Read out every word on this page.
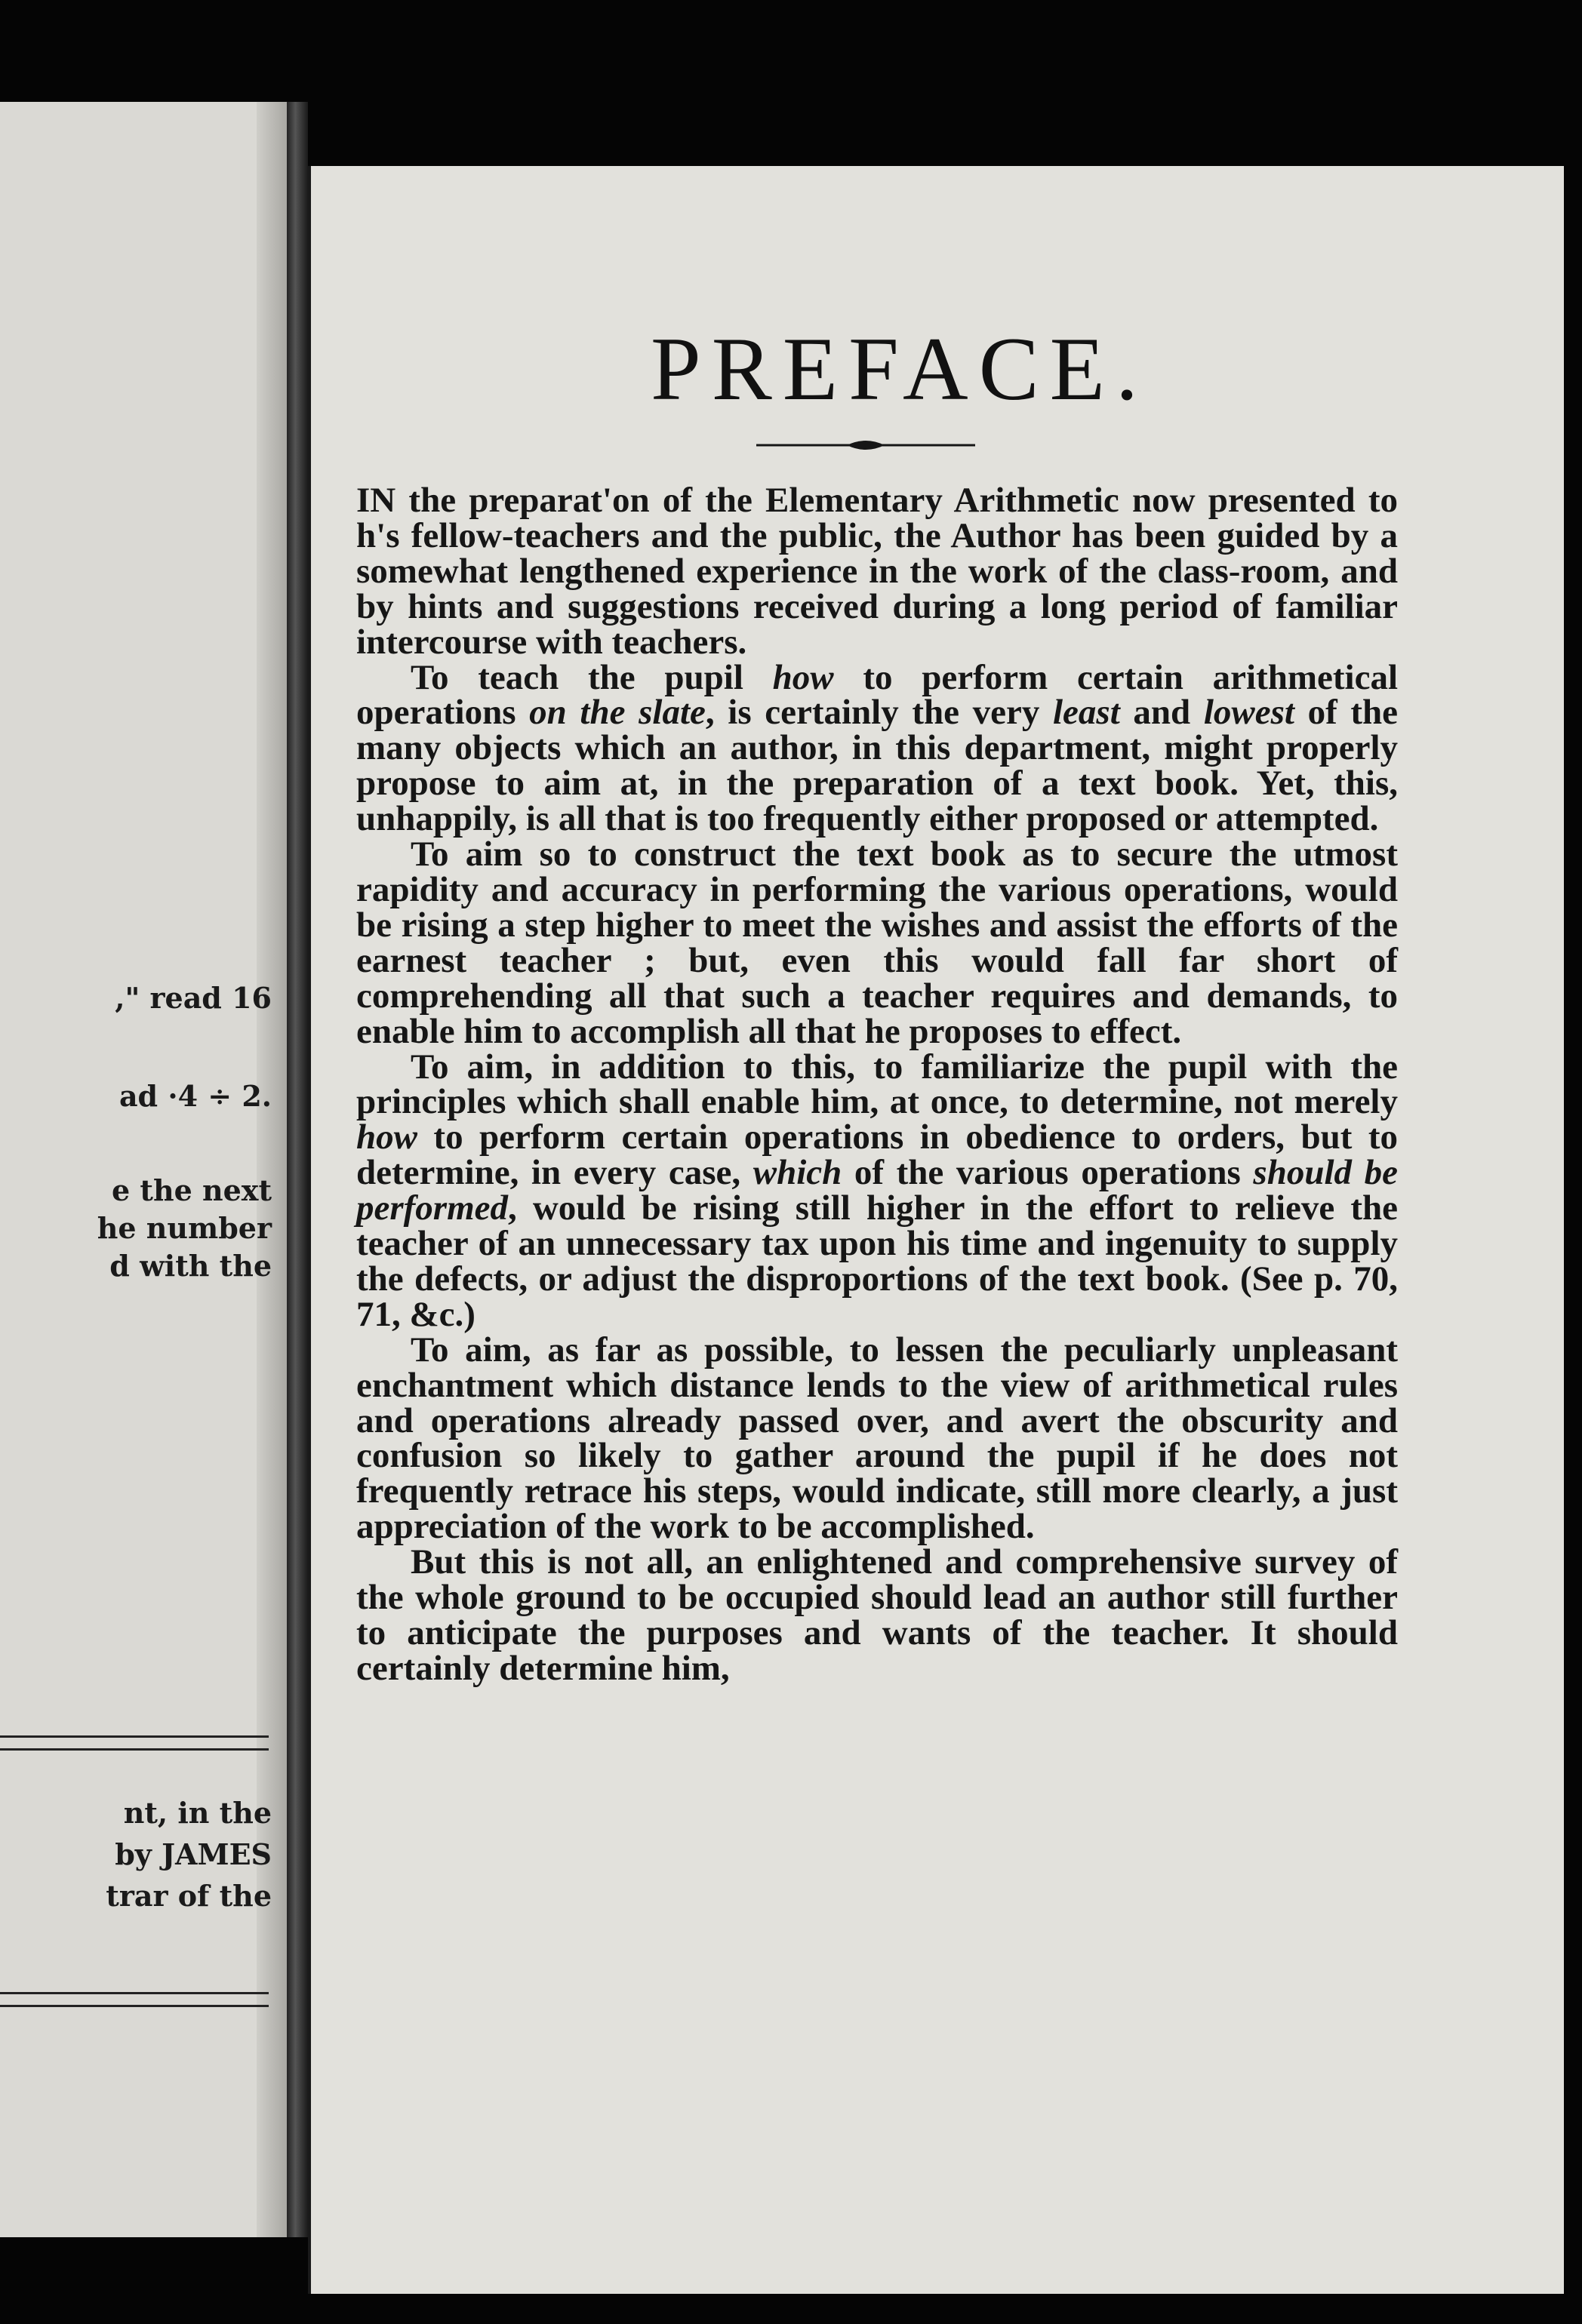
," read 16
ad ·4 ÷ 2.
e the next
he number
d with the
nt, in the
by JAMES
trar of the
PREFACE.

IN the preparat'on of the Elementary Arithmetic now presented to h's fellow-teachers and the public, the Author has been guided by a somewhat lengthened experience in the work of the class-room, and by hints and suggestions received during a long period of familiar intercourse with teachers.

To teach the pupil how to perform certain arithmetical operations on the slate, is certainly the very least and lowest of the many objects which an author, in this department, might properly propose to aim at, in the preparation of a text book. Yet, this, unhappily, is all that is too frequently either proposed or attempted.

To aim so to construct the text book as to secure the utmost rapidity and accuracy in performing the various operations, would be rising a step higher to meet the wishes and assist the efforts of the earnest teacher ; but, even this would fall far short of comprehending all that such a teacher requires and demands, to enable him to accomplish all that he proposes to effect.

To aim, in addition to this, to familiarize the pupil with the principles which shall enable him, at once, to determine, not merely how to perform certain operations in obedience to orders, but to determine, in every case, which of the various operations should be performed, would be rising still higher in the effort to relieve the teacher of an unnecessary tax upon his time and ingenuity to supply the defects, or adjust the disproportions of the text book. (See p. 70, 71, &c.)

To aim, as far as possible, to lessen the peculiarly unpleasant enchantment which distance lends to the view of arithmetical rules and operations already passed over, and avert the obscurity and confusion so likely to gather around the pupil if he does not frequently retrace his steps, would indicate, still more clearly, a just appreciation of the work to be accomplished.

But this is not all, an enlightened and comprehensive survey of the whole ground to be occupied should lead an author still further to anticipate the purposes and wants of the teacher. It should certainly determine him,
